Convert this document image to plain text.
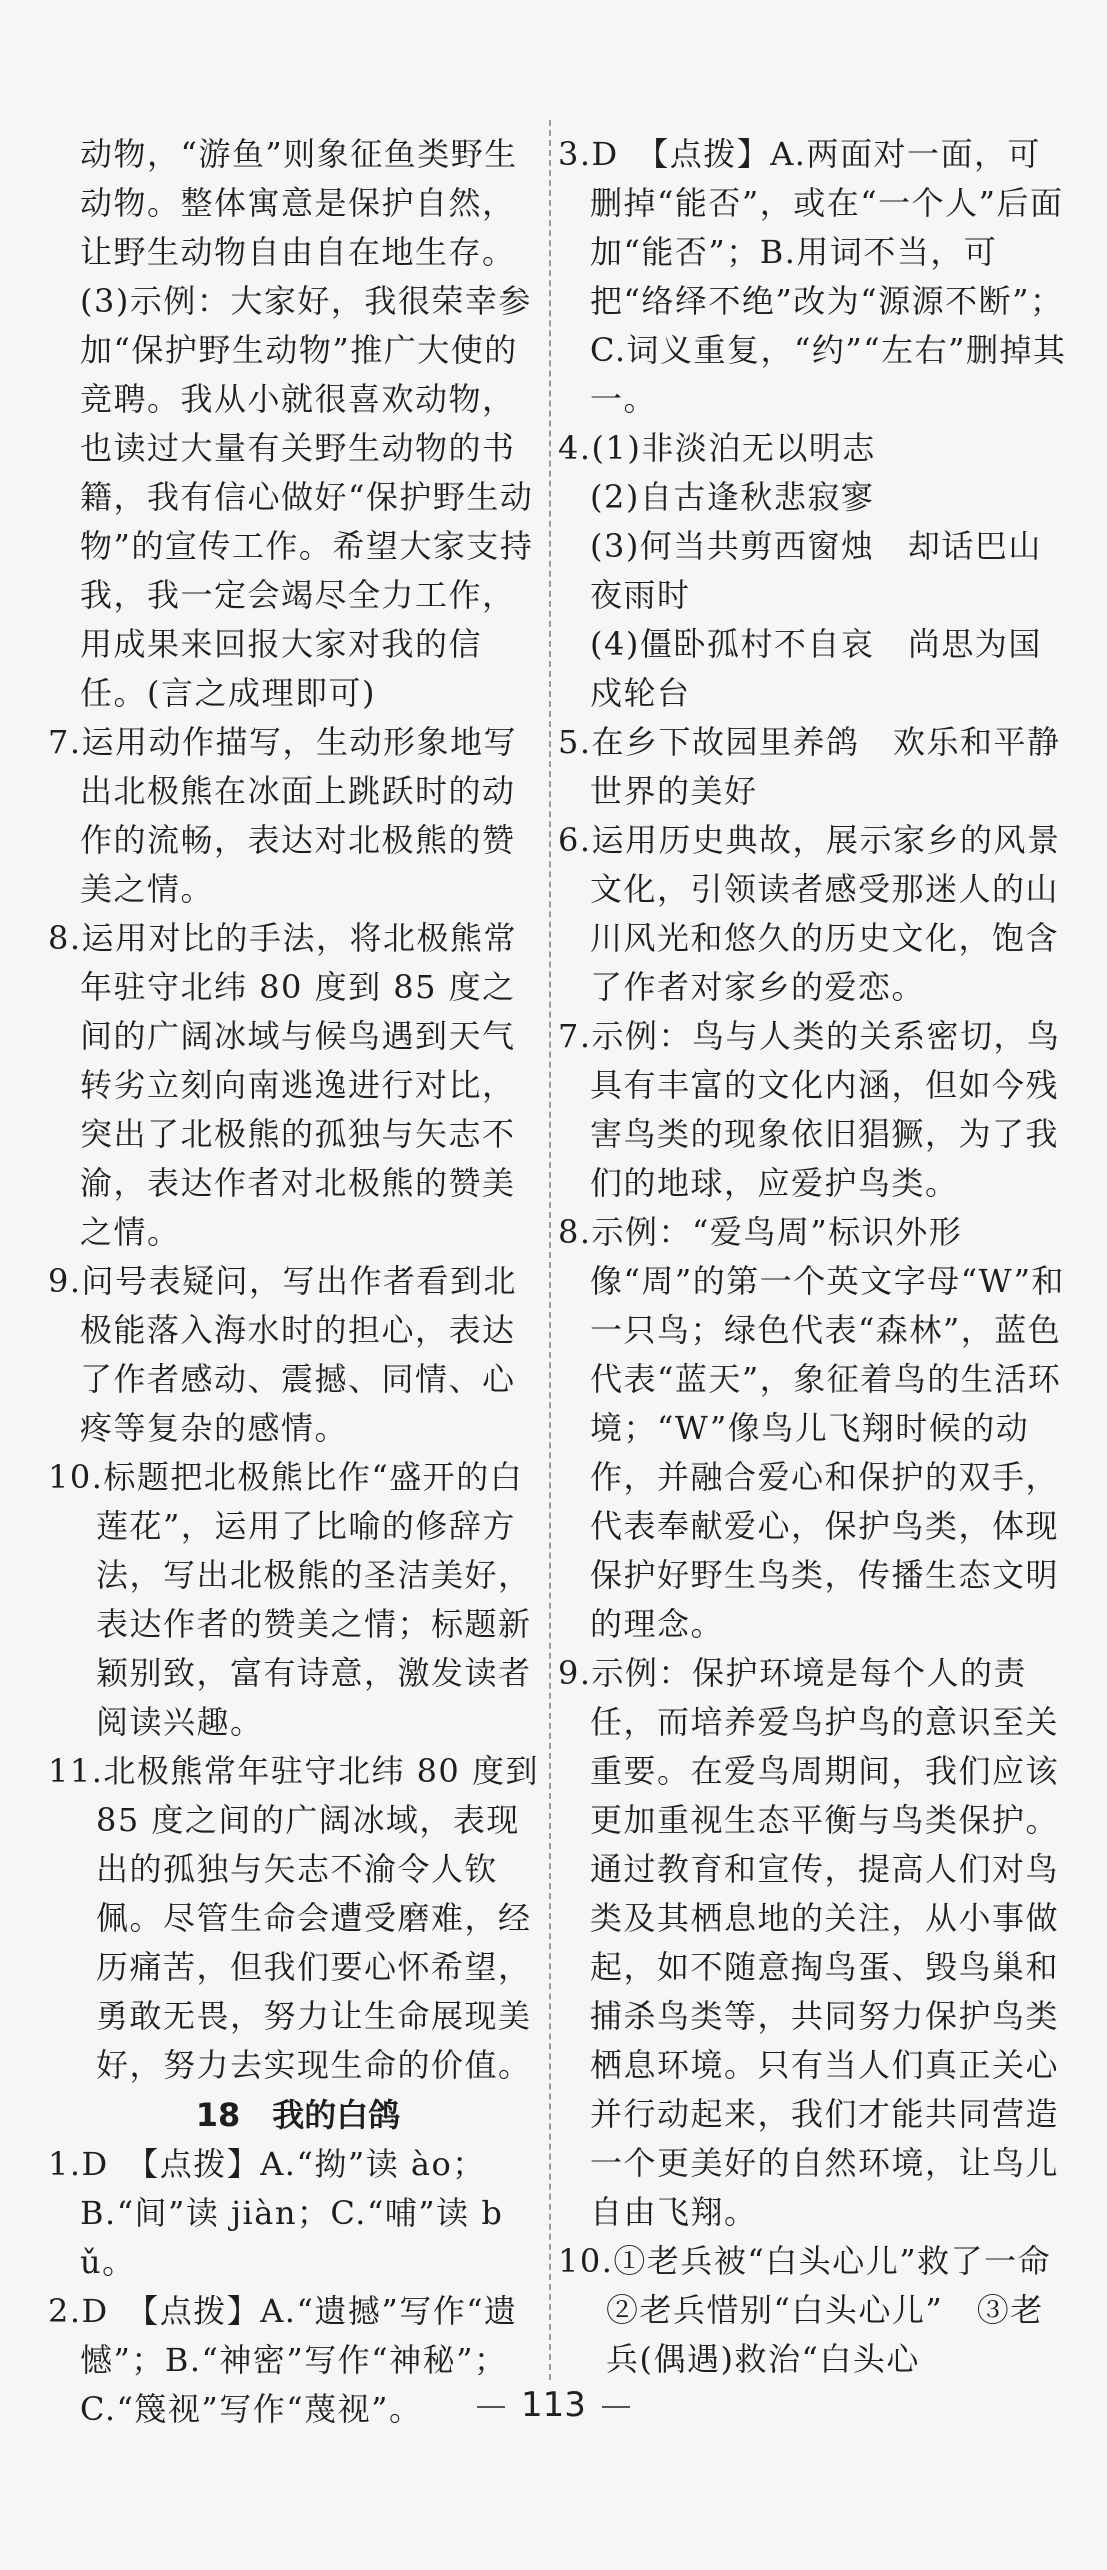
动物，“游鱼”则象征鱼类野生动物。整体寓意是保护自然，让野生动物自由自在地生存。
(3)示例：大家好，我很荣幸参加“保护野生动物”推广大使的竞聘。我从小就很喜欢动物，也读过大量有关野生动物的书籍，我有信心做好“保护野生动物”的宣传工作。希望大家支持我，我一定会竭尽全力工作，用成果来回报大家对我的信任。(言之成理即可)
7.运用动作描写，生动形象地写出北极熊在冰面上跳跃时的动作的流畅，表达对北极熊的赞美之情。
8.运用对比的手法，将北极熊常年驻守北纬 80 度到 85 度之间的广阔冰域与候鸟遇到天气转劣立刻向南逃逸进行对比，突出了北极熊的孤独与矢志不渝，表达作者对北极熊的赞美之情。
9.问号表疑问，写出作者看到北极能落入海水时的担心，表达了作者感动、震撼、同情、心疼等复杂的感情。
10.标题把北极熊比作“盛开的白莲花”，运用了比喻的修辞方法，写出北极熊的圣洁美好，表达作者的赞美之情；标题新颖别致，富有诗意，激发读者阅读兴趣。
11.北极熊常年驻守北纬 80 度到 85 度之间的广阔冰域，表现出的孤独与矢志不渝令人钦佩。尽管生命会遭受磨难，经历痛苦，但我们要心怀希望，勇敢无畏，努力让生命展现美好，努力去实现生命的价值。
18　我的白鸽
1.D　【点拨】A.“拗”读 ào；B.“间”读 jiàn；C.“哺”读 bǔ。
2.D　【点拨】A.“遗撼”写作“遗憾”；B.“神密”写作“神秘”；C.“篾视”写作“蔑视”。
3.D　【点拨】A.两面对一面，可删掉“能否”，或在“一个人”后面加“能否”；B.用词不当，可把“络绎不绝”改为“源源不断”；C.词义重复，“约”“左右”删掉其一。
4.(1)非淡泊无以明志
(2)自古逢秋悲寂寥
(3)何当共剪西窗烛　却话巴山夜雨时
(4)僵卧孤村不自哀　尚思为国戍轮台
5.在乡下故园里养鸽　欢乐和平静　世界的美好
6.运用历史典故，展示家乡的风景文化，引领读者感受那迷人的山川风光和悠久的历史文化，饱含了作者对家乡的爱恋。
7.示例：鸟与人类的关系密切，鸟具有丰富的文化内涵，但如今残害鸟类的现象依旧猖獗，为了我们的地球，应爱护鸟类。
8.示例：“爱鸟周”标识外形像“周”的第一个英文字母“W”和一只鸟；绿色代表“森林”，蓝色代表“蓝天”，象征着鸟的生活环境；“W”像鸟儿飞翔时候的动作，并融合爱心和保护的双手，代表奉献爱心，保护鸟类，体现保护好野生鸟类，传播生态文明的理念。
9.示例：保护环境是每个人的责任，而培养爱鸟护鸟的意识至关重要。在爱鸟周期间，我们应该更加重视生态平衡与鸟类保护。通过教育和宣传，提高人们对鸟类及其栖息地的关注，从小事做起，如不随意掏鸟蛋、毁鸟巢和捕杀鸟类等，共同努力保护鸟类栖息环境。只有当人们真正关心并行动起来，我们才能共同营造一个更美好的自然环境，让鸟儿自由飞翔。
10.①老兵被“白头心儿”救了一命　②老兵惜别“白头心儿”　③老兵(偶遇)救治“白头心
113
